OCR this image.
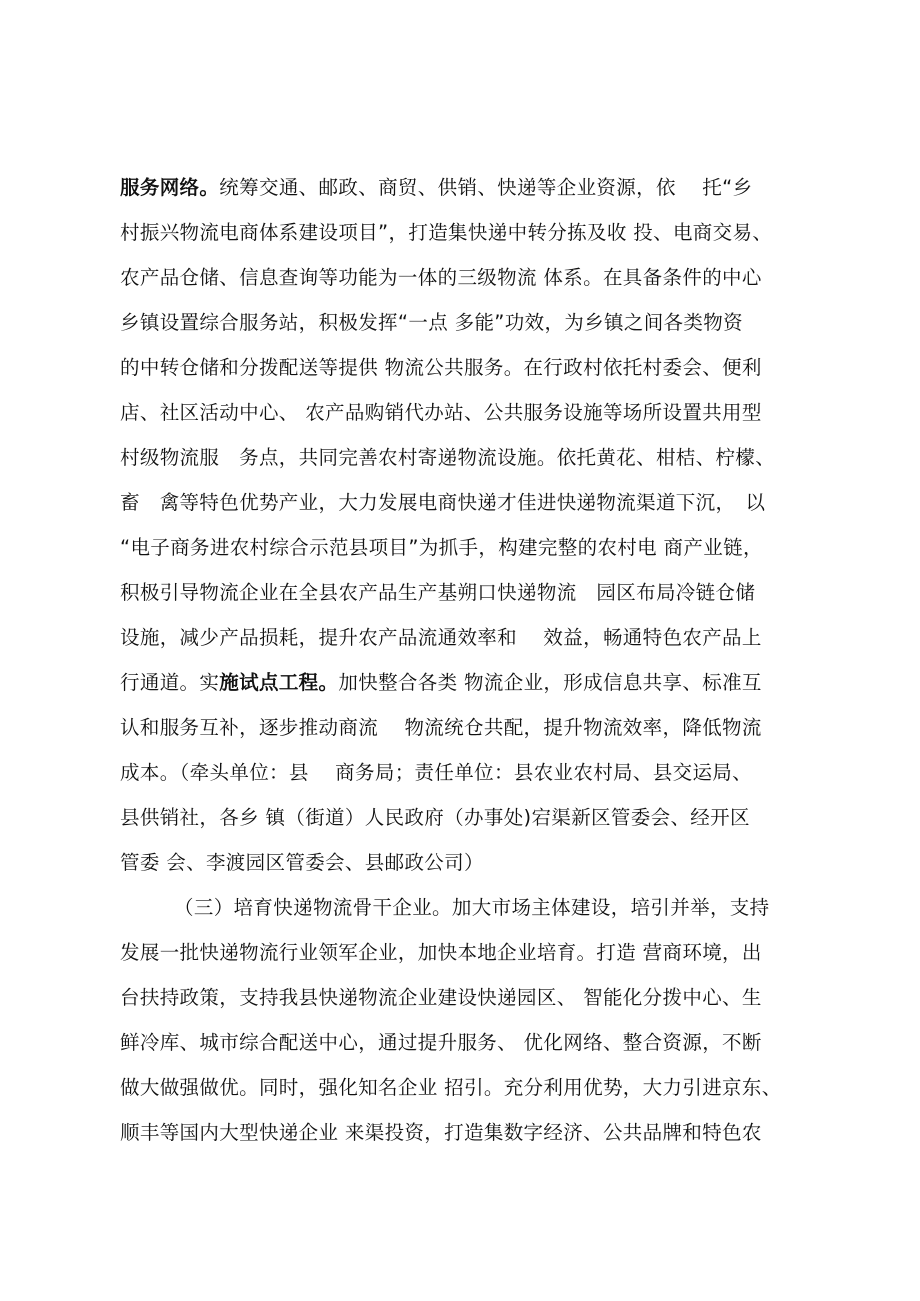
服务网络。统筹交通、邮政、商贸、供销、快递等企业资源，依　 托“乡
村振兴物流电商体系建设项目”，打造集快递中转分拣及收 投、电商交易、
农产品仓储、信息查询等功能为一体的三级物流 体系。在具备条件的中心
乡镇设置综合服务站，积极发挥“一点 多能”功效，为乡镇之间各类物资
的中转仓储和分拨配送等提供 物流公共服务。在行政村依托村委会、便利
店、社区活动中心、 农产品购销代办站、公共服务设施等场所设置共用型
村级物流服　务点，共同完善农村寄递物流设施。依托黄花、柑桔、柠檬、
畜　禽等特色优势产业，大力发展电商快递才佳进快递物流渠道下沉，　以
“电子商务进农村综合示范县项目”为抓手，构建完整的农村电 商产业链，
积极引导物流企业在全县农产品生产基朔口快递物流　园区布局冷链仓储
设施，减少产品损耗，提升农产品流通效率和　 效益，畅通特色农产品上
行通道。实施试点工程。加快整合各类 物流企业，形成信息共享、标准互
认和服务互补，逐步推动商流　 物流统仓共配，提升物流效率，降低物流
成本。（牵头单位：县　 商务局；责任单位：县农业农村局、县交运局、
县供销社，各乡 镇（街道）人民政府（办事处)宕渠新区管委会、经开区
管委 会、李渡园区管委会、县邮政公司）
（三）培育快递物流骨干企业。加大市场主体建设，培引并举，支持
发展一批快递物流行业领军企业，加快本地企业培育。打造 营商环境，出
台扶持政策，支持我县快递物流企业建设快递园区、 智能化分拨中心、生
鲜冷库、城市综合配送中心，通过提升服务、 优化网络、整合资源，不断
做大做强做优。同时，强化知名企业 招引。充分利用优势，大力引进京东、
顺丰等国内大型快递企业 来渠投资，打造集数字经济、公共品牌和特色农
